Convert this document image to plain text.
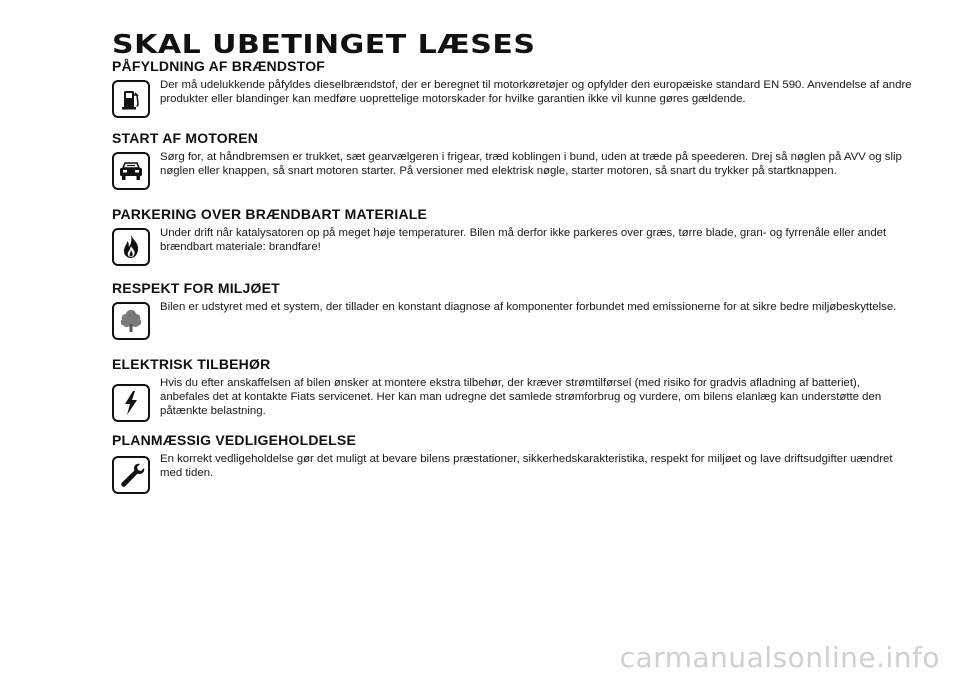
SKAL UBETINGET LÆSES
PÅFYLDNING AF BRÆNDSTOF
Der må udelukkende påfyldes dieselbrændstof, der er beregnet til motorkøretøjer og opfylder den europæiske standard EN 590. Anvendelse af andre produkter eller blandinger kan medføre uoprettelige motorskader for hvilke garantien ikke vil kunne gøres gældende.
START AF MOTOREN
Sørg for, at håndbremsen er trukket, sæt gearvælgeren i frigear, træd koblingen i bund, uden at træde på speederen. Drej så nøglen på AVV og slip nøglen eller knappen, så snart motoren starter. På versioner med elektrisk nøgle, starter motoren, så snart du trykker på startknappen.
PARKERING OVER BRÆNDBART MATERIALE
Under drift når katalysatoren op på meget høje temperaturer. Bilen må derfor ikke parkeres over græs, tørre blade, gran- og fyrrenåle eller andet brændbart materiale: brandfare!
RESPEKT FOR MILJØET
Bilen er udstyret med et system, der tillader en konstant diagnose af komponenter forbundet med emissionerne for at sikre bedre miljøbeskyttelse.
ELEKTRISK TILBEHØR
Hvis du efter anskaffelsen af bilen ønsker at montere ekstra tilbehør, der kræver strømtilførsel (med risiko for gradvis afladning af batteriet), anbefales det at kontakte Fiats servicenet. Her kan man udregne det samlede strømforbrug og vurdere, om bilens elanlæg kan understøtte den påtænkte belastning.
PLANMÆSSIG VEDLIGEHOLDELSE
En korrekt vedligeholdelse gør det muligt at bevare bilens præstationer, sikkerhedskarakteristika, respekt for miljøet og lave driftsudgifter uændret med tiden.
carmanualsonline.info
